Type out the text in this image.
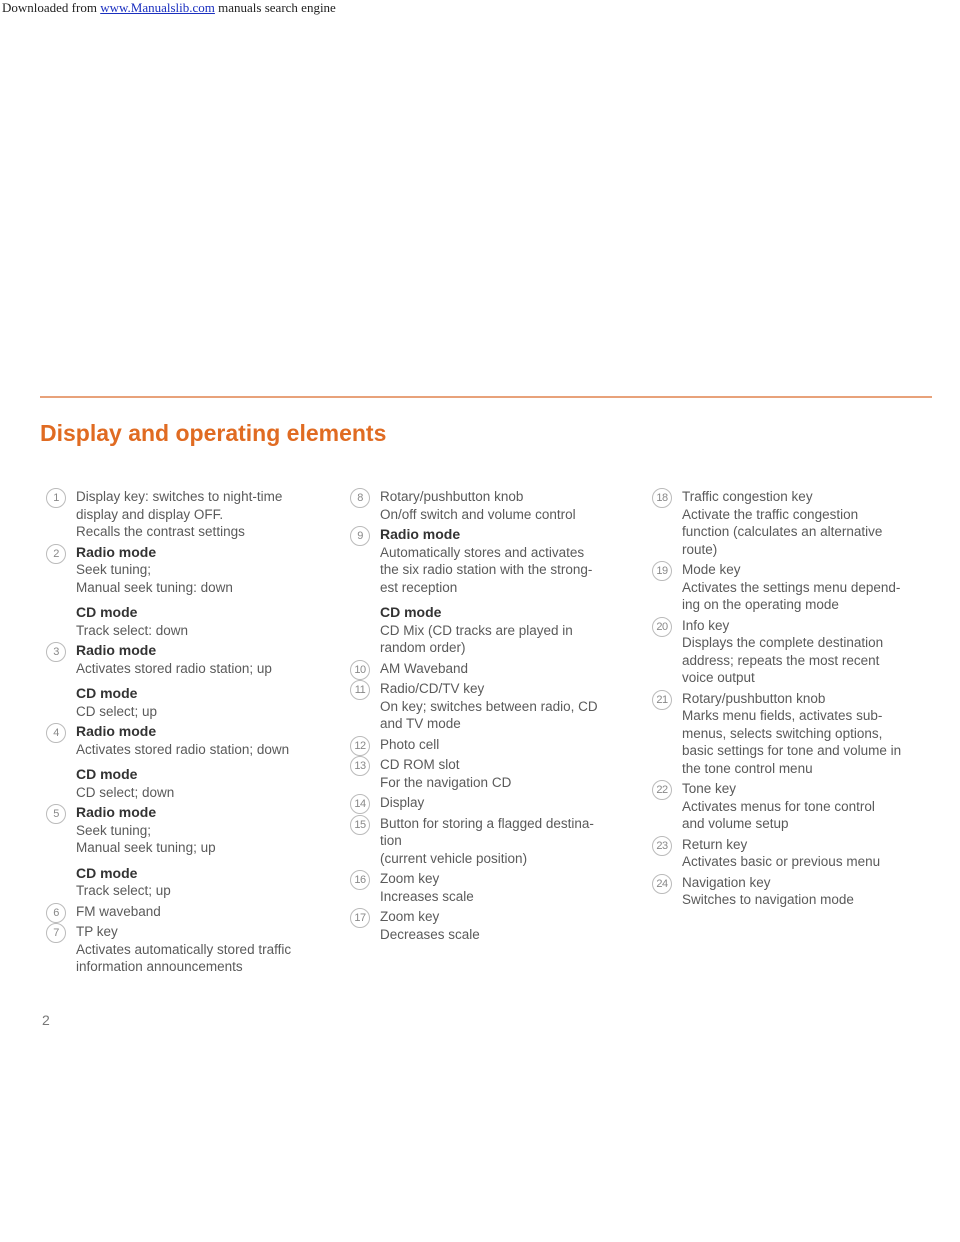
Downloaded from www.Manualslib.com manuals search engine
Display and operating elements
1	Display key: switches to night-time
display and display OFF.
Recalls the contrast settings
2	Radio mode
Seek tuning;
Manual seek tuning: down
CD mode
Track select: down
3	Radio mode
Activates stored radio station; up
CD mode
CD select; up
4	Radio mode
Activates stored radio station; down
CD mode
CD select; down
5	Radio mode
Seek tuning;
Manual seek tuning; up
CD mode
Track select; up
6	FM waveband
7	TP key
Activates automatically stored traffic
information announcements
8	Rotary/pushbutton knob
On/off switch and volume control
9	Radio mode
Automatically stores and activates
the six radio station with the strong-
est reception
CD mode
CD Mix (CD tracks are played in
random order)
10	AM Waveband
11	Radio/CD/TV key
On key; switches between radio, CD
and TV mode
12	Photo cell
13	CD ROM slot
For the navigation CD
14	Display
15	Button for storing a flagged destina-
tion
(current vehicle position)
16	Zoom key
Increases scale
17	Zoom key
Decreases scale
18	Traffic congestion key
Activate the traffic congestion
function (calculates an alternative
route)
19	Mode key
Activates the settings menu depend-
ing on the operating mode
20	Info key
Displays the complete destination
address; repeats the most recent
voice output
21	Rotary/pushbutton knob
Marks menu fields, activates sub-
menus, selects switching options,
basic settings for tone and volume in
the tone control menu
22	Tone key
Activates menus for tone control
and volume setup
23	Return key
Activates basic or previous menu
24	Navigation key
Switches to navigation mode
2
